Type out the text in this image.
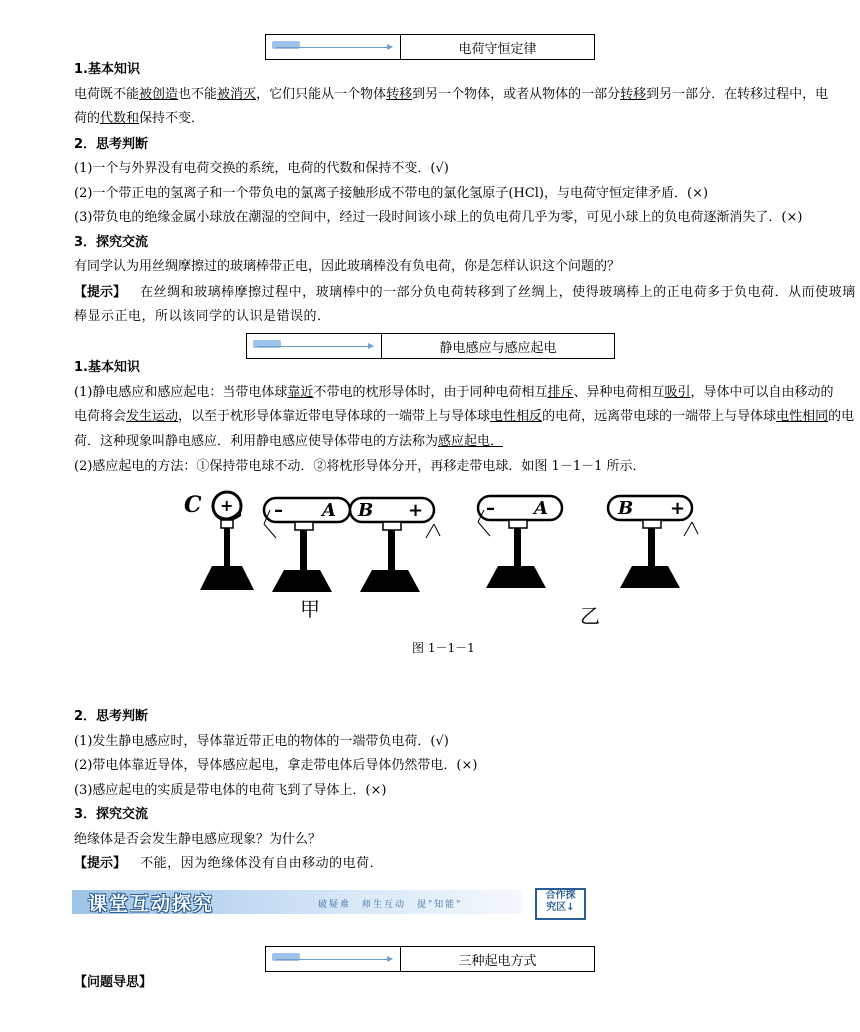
电荷守恒定律
1.基本知识
电荷既不能被创造也不能被消灭，它们只能从一个物体转移到另一个物体，或者从物体的一部分转移到另一部分．在转移过程中，电
荷的代数和保持不变．
2．思考判断
(1)一个与外界没有电荷交换的系统，电荷的代数和保持不变．(√)
(2)一个带正电的氢离子和一个带负电的氯离子接触形成不带电的氯化氢原子(HCl)，与电荷守恒定律矛盾．(×)
(3)带负电的绝缘金属小球放在潮湿的空间中，经过一段时间该小球上的负电荷几乎为零，可见小球上的负电荷逐渐消失了．(×)
3．探究交流
有同学认为用丝绸摩擦过的玻璃棒带正电，因此玻璃棒没有负电荷，你是怎样认识这个问题的？
【提示】 在丝绸和玻璃棒摩擦过程中，玻璃棒中的一部分负电荷转移到了丝绸上，使得玻璃棒上的正电荷多于负电荷．从而使玻璃
棒显示正电，所以该同学的认识是错误的．
静电感应与感应起电
1.基本知识
(1)静电感应和感应起电：当带电体球靠近不带电的枕形导体时，由于同种电荷相互排斥、异种电荷相互吸引，导体中可以自由移动的
电荷将会发生运动，以至于枕形导体靠近带电导体球的一端带上与导体球电性相反的电荷，远离带电球的一端带上与导体球电性相同的电
荷．这种现象叫静电感应．利用静电感应使导体带电的方法称为感应起电．
(2)感应起电的方法：①保持带电球不动．②将枕形导体分开，再移走带电球．如图 1－1－1 所示．
C + – A B +	– A	B +
甲	乙
图 1－1－1
2．思考判断
(1)发生静电感应时，导体靠近带正电的物体的一端带负电荷．(√)
(2)带电体靠近导体，导体感应起电，拿走带电体后导体仍然带电．(×)
(3)感应起电的实质是带电体的电荷飞到了导体上．(×)
3．探究交流
绝缘体是否会发生静电感应现象？为什么？
【提示】 不能，因为绝缘体没有自由移动的电荷．
课堂互动探究	破疑难　师生互动　提"知能"
合作探
究区↓
三种起电方式
【问题导思】
